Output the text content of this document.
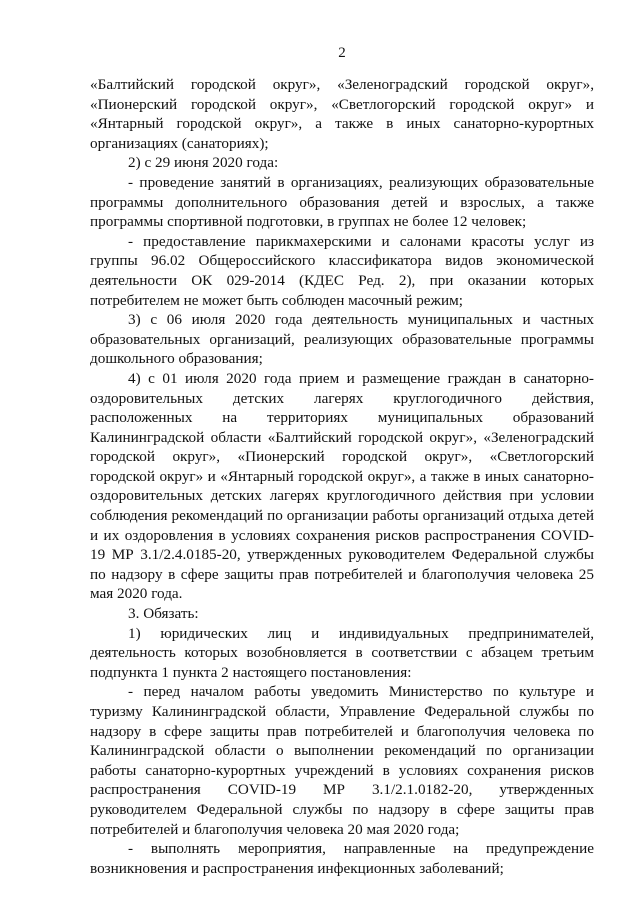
2

«Балтийский городской округ», «Зеленоградский городской округ», «Пионерский городской округ», «Светлогорский городской округ» и «Янтарный городской округ», а также в иных санаторно-курортных организациях (санаториях);

2) с 29 июня 2020 года:

- проведение занятий в организациях, реализующих образовательные программы дополнительного образования детей и взрослых, а также программы спортивной подготовки, в группах не более 12 человек;

- предоставление парикмахерскими и салонами красоты услуг из группы 96.02 Общероссийского классификатора видов экономической деятельности ОК 029-2014 (КДЕС Ред. 2), при оказании которых потребителем не может быть соблюден масочный режим;

3) с 06 июля 2020 года деятельность муниципальных и частных образовательных организаций, реализующих образовательные программы дошкольного образования;

4) с 01 июля 2020 года прием и размещение граждан в санаторно-оздоровительных детских лагерях круглогодичного действия, расположенных на территориях муниципальных образований Калининградской области «Балтийский городской округ», «Зеленоградский городской округ», «Пионерский городской округ», «Светлогорский городской округ» и «Янтарный городской округ», а также в иных санаторно-оздоровительных детских лагерях круглогодичного действия при условии соблюдения рекомендаций по организации работы организаций отдыха детей и их оздоровления в условиях сохранения рисков распространения COVID-19 МР 3.1/2.4.0185-20, утвержденных руководителем Федеральной службы по надзору в сфере защиты прав потребителей и благополучия человека 25 мая 2020 года.

3. Обязать:

1) юридических лиц и индивидуальных предпринимателей, деятельность которых возобновляется в соответствии с абзацем третьим подпункта 1 пункта 2 настоящего постановления:

- перед началом работы уведомить Министерство по культуре и туризму Калининградской области, Управление Федеральной службы по надзору в сфере защиты прав потребителей и благополучия человека по Калининградской области о выполнении рекомендаций по организации работы санаторно-курортных учреждений в условиях сохранения рисков распространения COVID-19 МР 3.1/2.1.0182-20, утвержденных руководителем Федеральной службы по надзору в сфере защиты прав потребителей и благополучия человека 20 мая 2020 года;

- выполнять мероприятия, направленные на предупреждение возникновения и распространения инфекционных заболеваний;
